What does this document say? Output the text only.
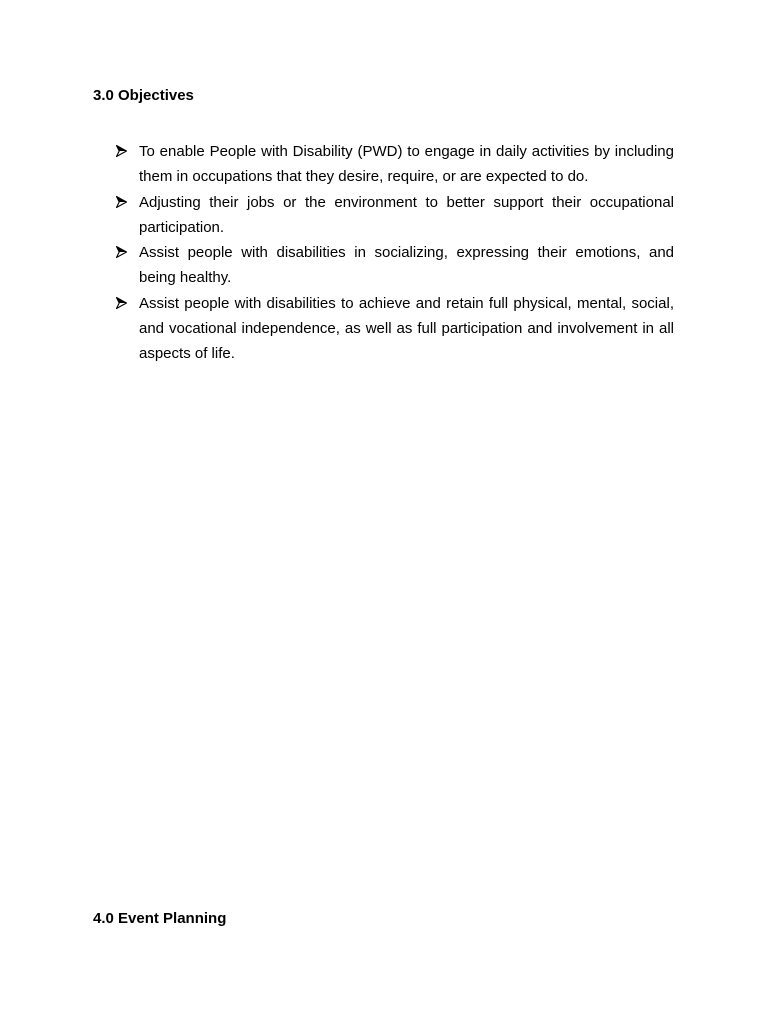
3.0 Objectives
To enable People with Disability (PWD) to engage in daily activities by including them in occupations that they desire, require, or are expected to do.
Adjusting their jobs or the environment to better support their occupational participation.
Assist people with disabilities in socializing, expressing their emotions, and being healthy.
Assist people with disabilities to achieve and retain full physical, mental, social, and vocational independence, as well as full participation and involvement in all aspects of life.
4.0 Event Planning
